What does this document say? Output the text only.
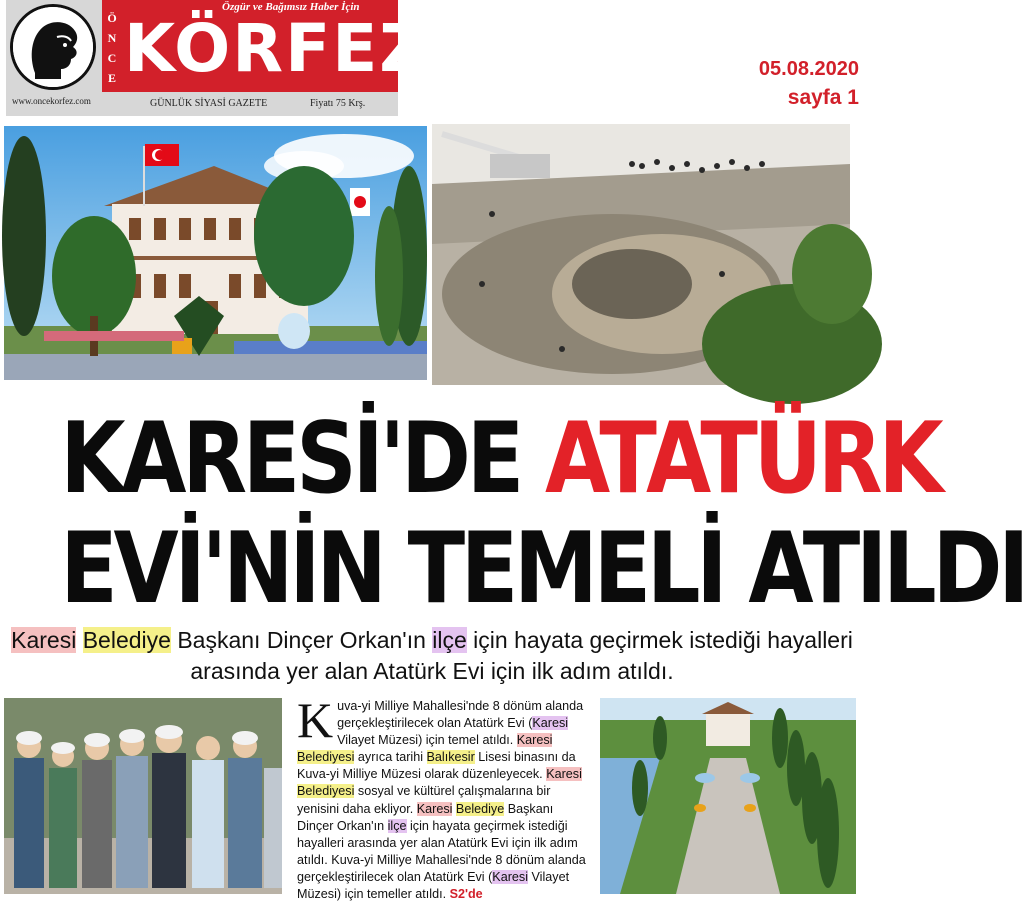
Ö
N
C
E
Özgür ve Bağımsız Haber İçin
KÖRFEZ
www.oncekorfez.com	GÜNLÜK SİYASİ GAZETE	Fiyatı 75 Krş.
05.08.2020
sayfa 1
KARESİ'DE ATATÜRK
EVİ'NİN TEMELİ ATILDI
Karesi Belediye Başkanı Dinçer Orkan'ın ilçe için hayata geçirmek istediği hayalleri arasında yer alan Atatürk Evi için ilk adım atıldı.
Kuva-yi Milliye Mahallesi'nde 8 dönüm alanda gerçekleştirilecek olan Atatürk Evi (Karesi Vilayet Müzesi) için temel atıldı. Karesi Belediyesi ayrıca tarihi Balıkesir Lisesi binasını da Kuva-yi Milliye Müzesi olarak düzenleyecek. Karesi Belediyesi sosyal ve kültürel çalışmalarına bir yenisini daha ekliyor. Karesi Belediye Başkanı Dinçer Orkan'ın ilçe için hayata geçirmek istediği hayalleri arasında yer alan Atatürk Evi için ilk adım atıldı. Kuva-yi Milliye Mahallesi'nde 8 dönüm alanda gerçekleştirilecek olan Atatürk Evi (Karesi Vilayet Müzesi) için temeller atıldı. S2'de
